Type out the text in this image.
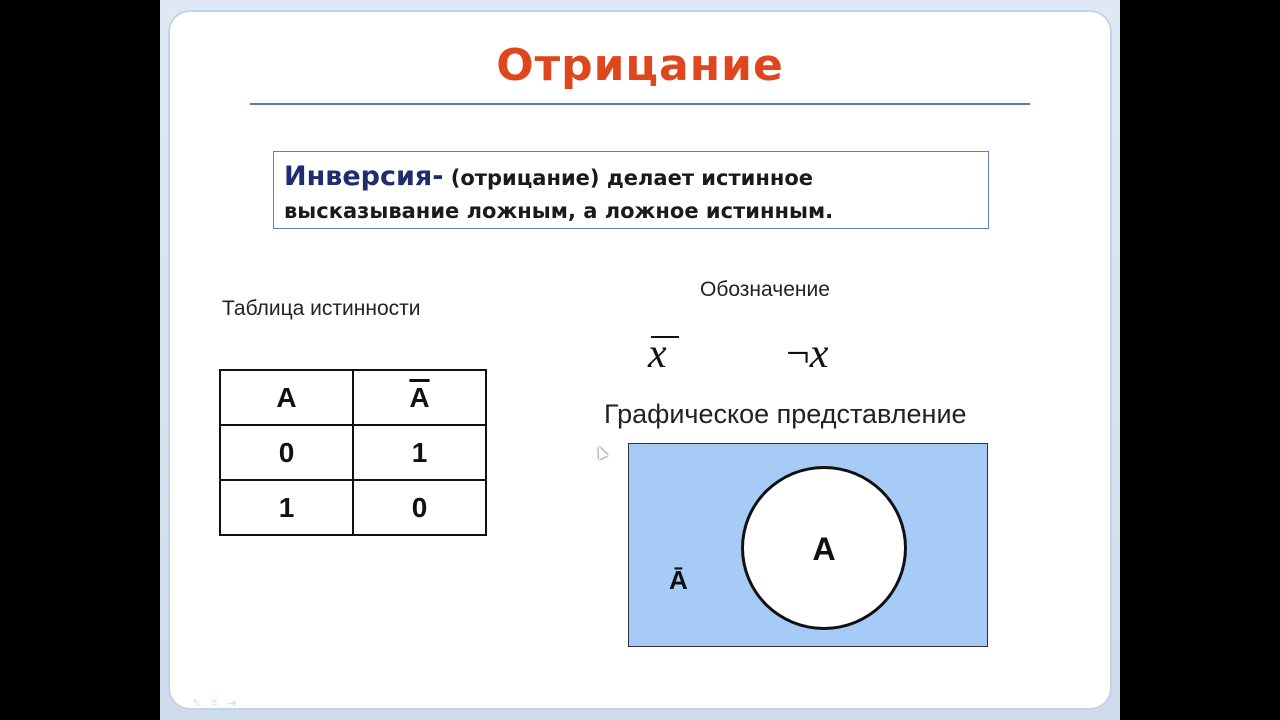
Отрицание
Инверсия- (отрицание) делает истинное высказывание ложным, а ложное истинным.
Таблица истинности
A	$\overline{A}$
0	1
1	0
Обозначение
x	¬x
Графическое представление
A
Ā
✎ ≡ ➜
